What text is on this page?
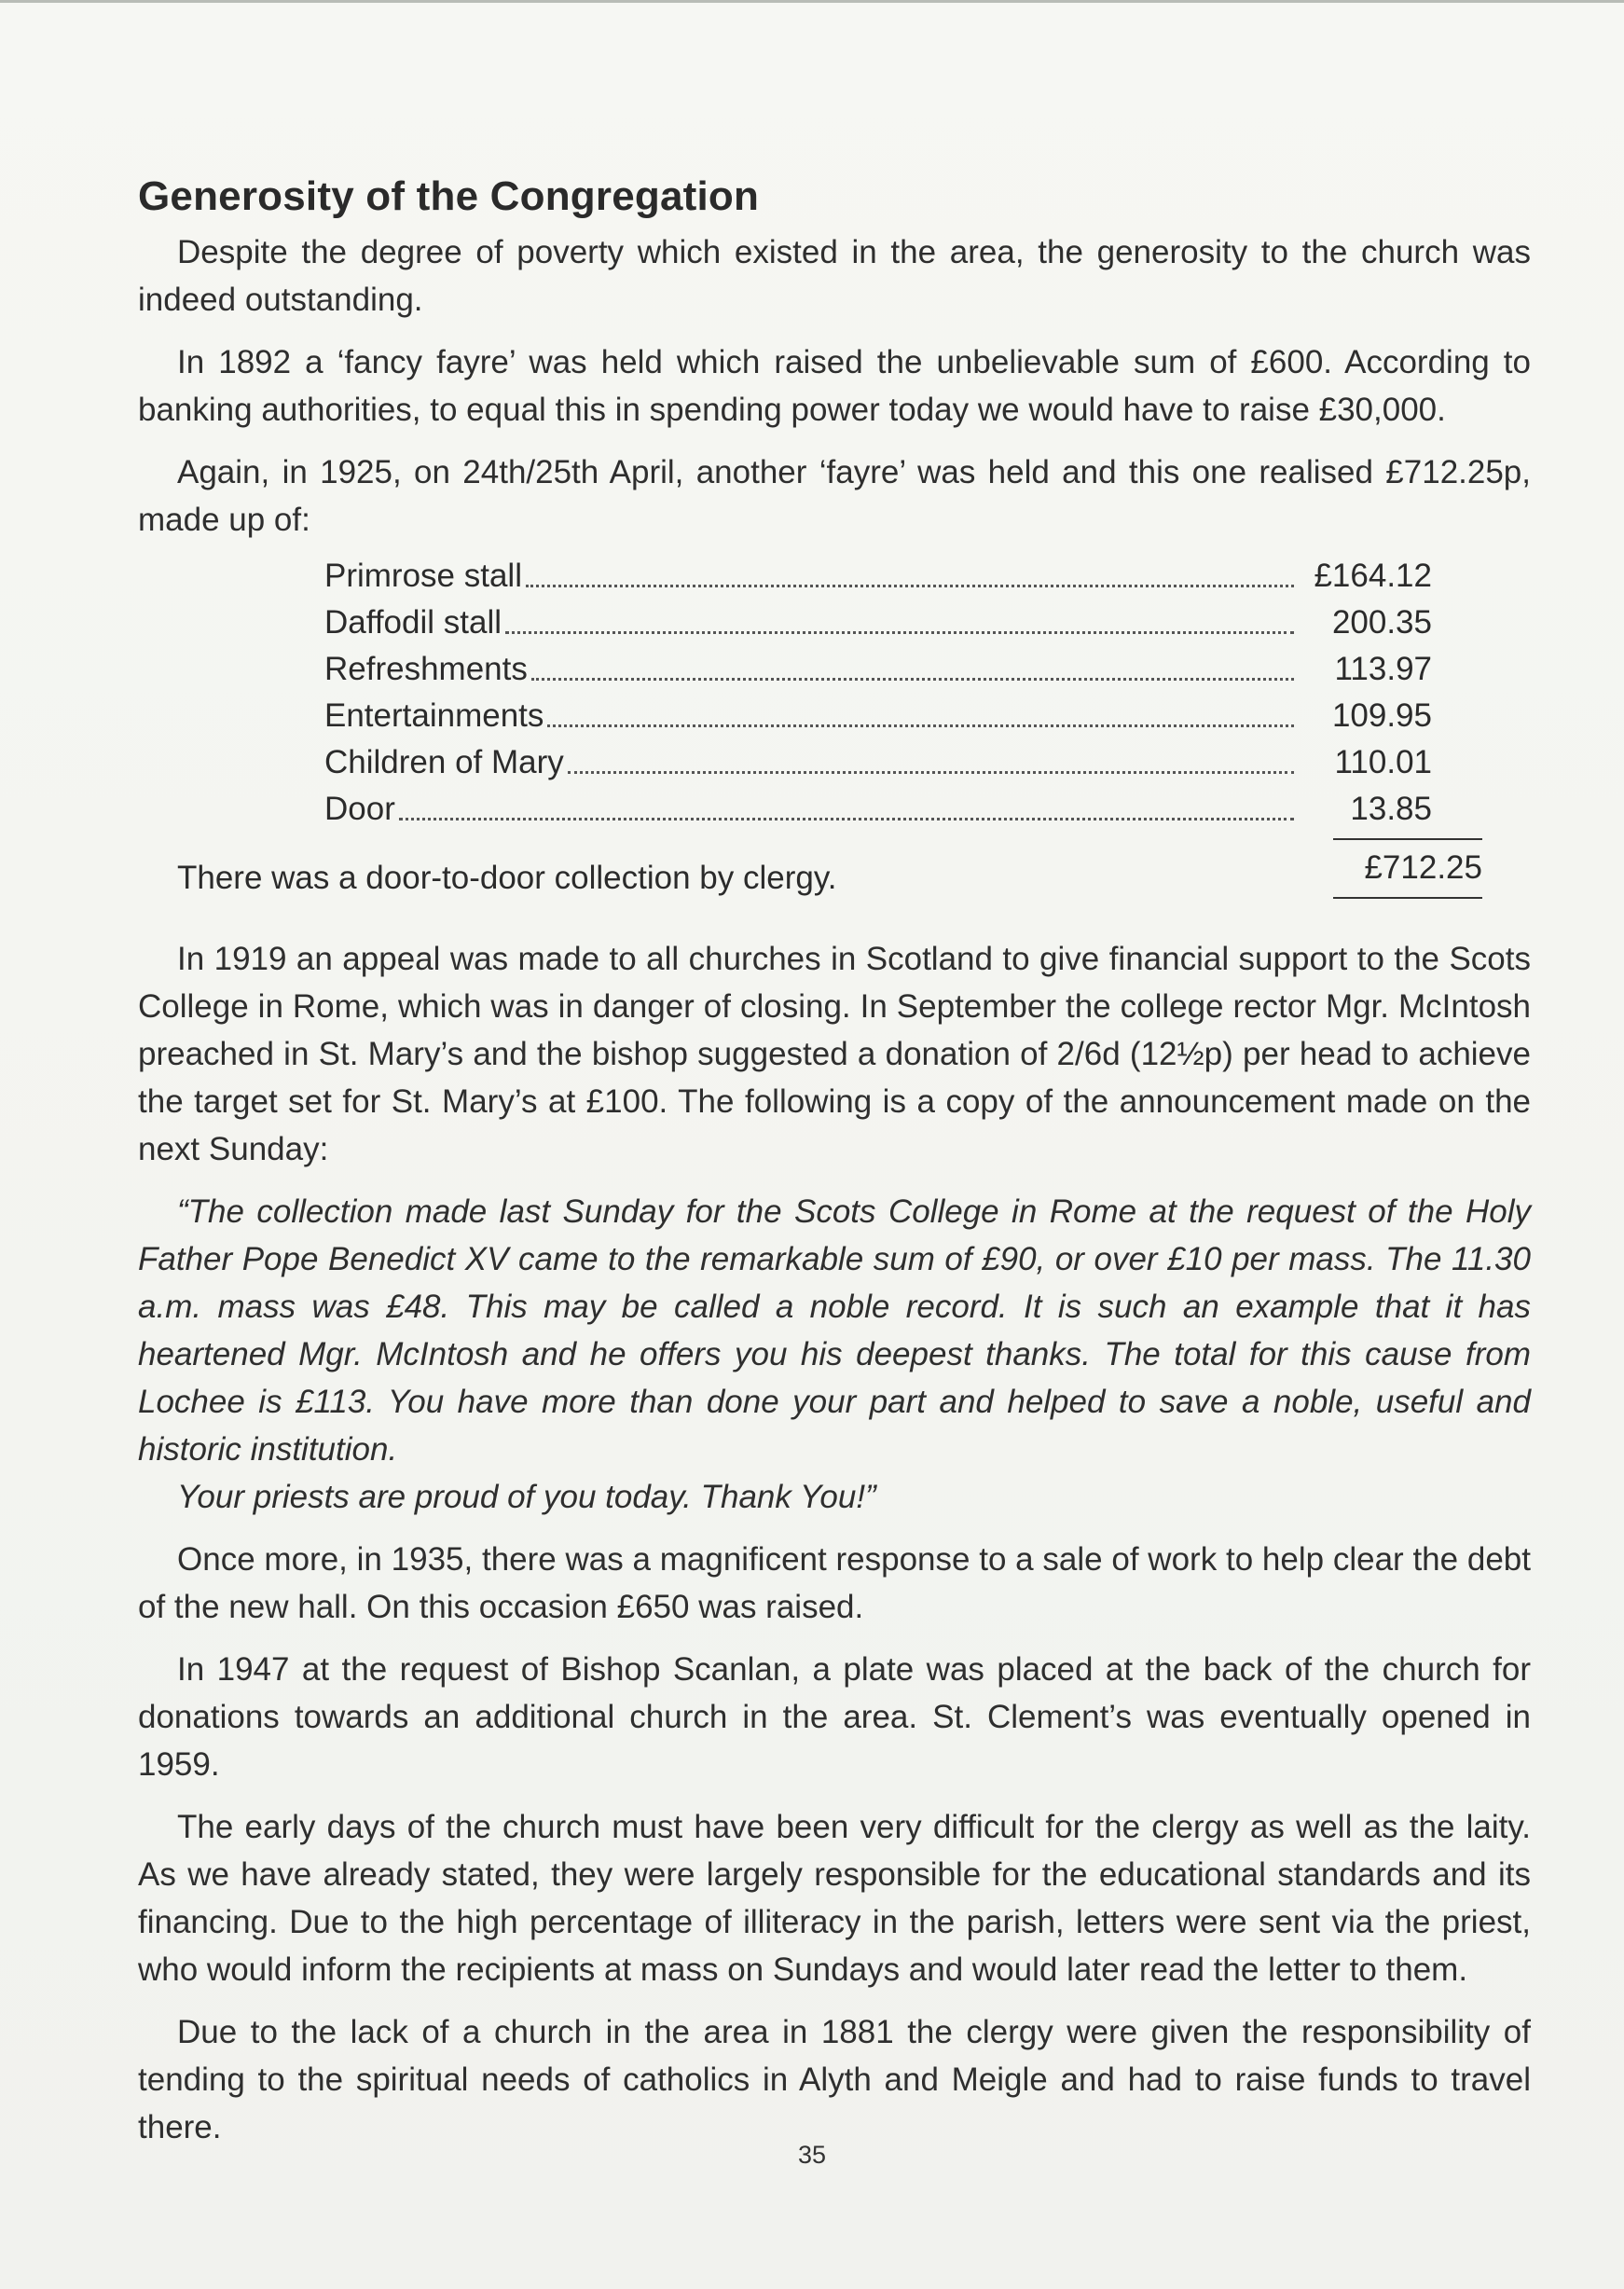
Generosity of the Congregation

Despite the degree of poverty which existed in the area, the generosity to the church was indeed outstanding.

In 1892 a ‘fancy fayre’ was held which raised the unbelievable sum of £600. According to banking authorities, to equal this in spending power today we would have to raise £30,000.

Again, in 1925, on 24th/25th April, another ‘fayre’ was held and this one realised £712.25p, made up of:

Primrose stall	£164.12
Daffodil stall	200.35
Refreshments	113.97
Entertainments	109.95
Children of Mary	110.01
Door	13.85
£712.25
There was a door-to-door collection by clergy.

In 1919 an appeal was made to all churches in Scotland to give financial support to the Scots College in Rome, which was in danger of closing. In September the college rector Mgr. McIntosh preached in St. Mary’s and the bishop suggested a donation of 2/6d (12½p) per head to achieve the target set for St. Mary’s at £100. The following is a copy of the announcement made on the next Sunday:

“The collection made last Sunday for the Scots College in Rome at the request of the Holy Father Pope Benedict XV came to the remarkable sum of £90, or over £10 per mass. The 11.30 a.m. mass was £48. This may be called a noble record. It is such an example that it has heartened Mgr. McIntosh and he offers you his deepest thanks. The total for this cause from Lochee is £113. You have more than done your part and helped to save a noble, useful and historic institution.

Your priests are proud of you today. Thank You!”

Once more, in 1935, there was a magnificent response to a sale of work to help clear the debt of the new hall. On this occasion £650 was raised.

In 1947 at the request of Bishop Scanlan, a plate was placed at the back of the church for donations towards an additional church in the area. St. Clement’s was eventually opened in 1959.

The early days of the church must have been very difficult for the clergy as well as the laity. As we have already stated, they were largely responsible for the educational standards and its financing. Due to the high percentage of illiteracy in the parish, letters were sent via the priest, who would inform the recipients at mass on Sundays and would later read the letter to them.

Due to the lack of a church in the area in 1881 the clergy were given the responsibility of tending to the spiritual needs of catholics in Alyth and Meigle and had to raise funds to travel there.

35
